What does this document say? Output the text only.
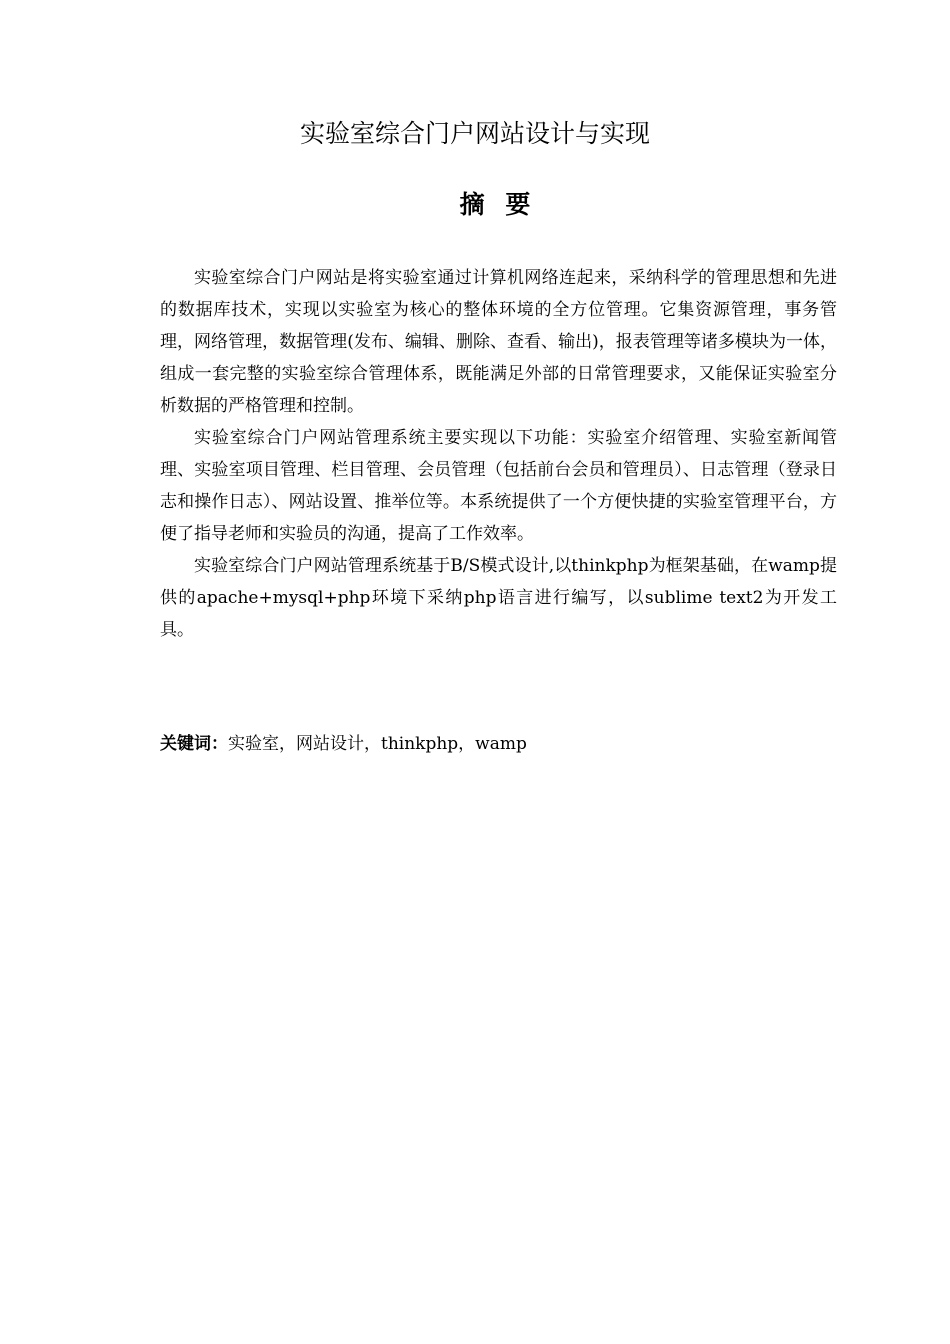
实验室综合门户网站设计与实现
摘 要

实验室综合门户网站是将实验室通过计算机网络连起来，采纳科学的管理思想和先进的数据库技术，实现以实验室为核心的整体环境的全方位管理。它集资源管理，事务管理，网络管理，数据管理(发布、编辑、删除、查看、输出)，报表管理等诸多模块为一体，组成一套完整的实验室综合管理体系，既能满足外部的日常管理要求，又能保证实验室分析数据的严格管理和控制。

实验室综合门户网站管理系统主要实现以下功能：实验室介绍管理、实验室新闻管理、实验室项目管理、栏目管理、会员管理（包括前台会员和管理员）、日志管理（登录日志和操作日志）、网站设置、推举位等。本系统提供了一个方便快捷的实验室管理平台，方便了指导老师和实验员的沟通，提高了工作效率。

实验室综合门户网站管理系统基于B/S模式设计,以thinkphp为框架基础，在wamp提供的apache+mysql+php环境下采纳php语言进行编写，以sublime text2为开发工具。

关键词：实验室，网站设计，thinkphp，wamp
